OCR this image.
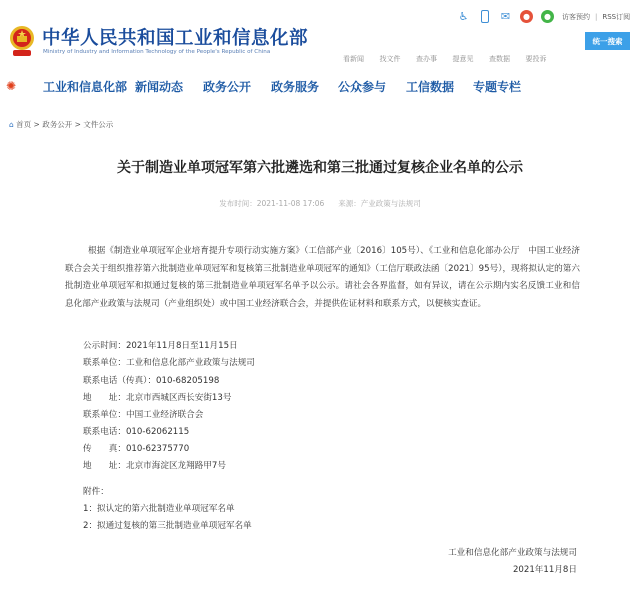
中华人民共和国工业和信息化部
Ministry of Industry and Information Technology of the People's Republic of China
♿	✉	●	●	访客预约 | RSS订阅
统一搜索
看新闻 找文件 查办事 提意见 查数据 要投诉
✺ 工业和信息化部 新闻动态 政务公开 政务服务 公众参与 工信数据 专题专栏
⌂ 首页 > 政务公开 > 文件公示
关于制造业单项冠军第六批遴选和第三批通过复核企业名单的公示
发布时间：2021-11-08 17:06 来源：产业政策与法规司
根据《制造业单项冠军企业培育提升专项行动实施方案》（工信部产业〔2016〕105号）、《工业和信息化部办公厅　中国工业经济联合会关于组织推荐第六批制造业单项冠军和复核第三批制造业单项冠军的通知》（工信厅联政法函〔2021〕95号），现将拟认定的第六批制造业单项冠军和拟通过复核的第三批制造业单项冠军名单予以公示。请社会各界监督，如有异议，请在公示期内实名反馈工业和信息化部产业政策与法规司（产业组织处）或中国工业经济联合会，并提供佐证材料和联系方式，以便核实查证。
公示时间：2021年11月8日至11月15日
联系单位：工业和信息化部产业政策与法规司
联系电话（传真）：010-68205198
地　　址：北京市西城区西长安街13号
联系单位：中国工业经济联合会
联系电话：010-62062115
传　　真：010-62375770
地　　址：北京市海淀区龙翔路甲7号
附件：
1：拟认定的第六批制造业单项冠军名单
2：拟通过复核的第三批制造业单项冠军名单
工业和信息化部产业政策与法规司
2021年11月8日
